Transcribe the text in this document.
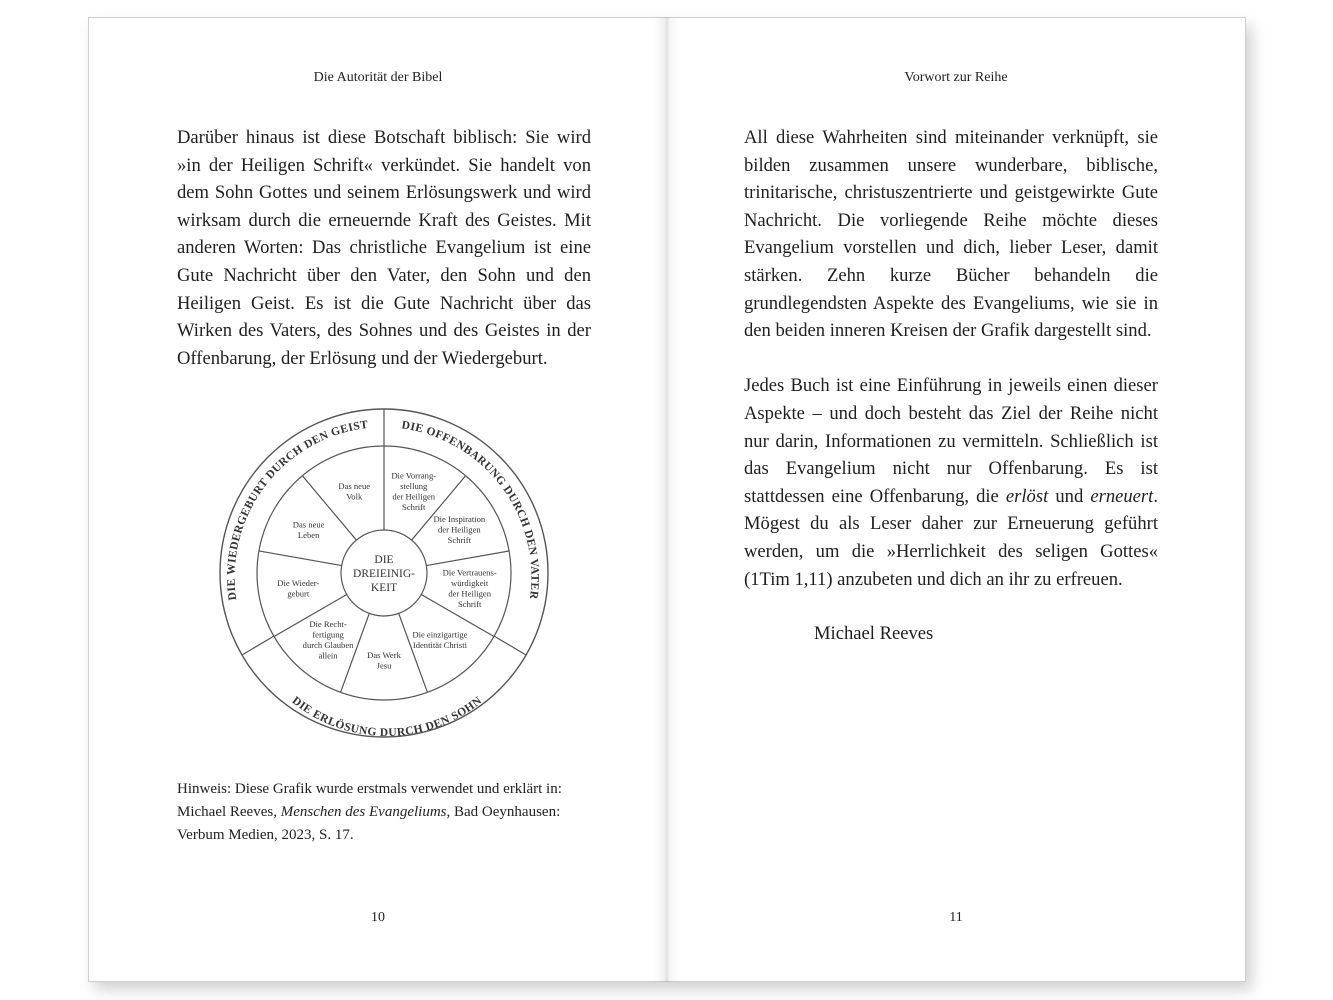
Die Autorität der Bibel

Darüber hinaus ist diese Botschaft biblisch: Sie wird »in der Heiligen Schrift« verkündet. Sie handelt von dem Sohn Gottes und seinem Erlösungswerk und wird wirksam durch die erneuernde Kraft des Geistes. Mit anderen Worten: Das christliche Evangelium ist eine Gute Nachricht über den Vater, den Sohn und den Heiligen Geist. Es ist die Gute Nachricht über das Wirken des Vaters, des Sohnes und des Geistes in der Offenbarung, der Erlösung und der Wiedergeburt.

Die Vorrang-stellung der Heiligen Schrift
Die Inspiration der Heiligen Schrift
Die Vertrauens-würdigkeit der Heiligen Schrift
Die einzigartige Identität Christi
Das Werk Jesu
Die Recht-fertigung durch Glauben allein
Die Wieder-geburt
Das neue Leben
Das neue Volk
DIE
DREIEINIG-
KEIT
DIE WIEDERGEBURT DURCH DEN GEIST	DIE OFFENBARUNG DURCH DEN VATER
DIE ERLÖSUNG DURCH DEN SOHN
Hinweis: Diese Grafik wurde erstmals verwendet und erklärt in:
Michael Reeves, Menschen des Evangeliums, Bad Oeynhausen:
Verbum Medien, 2023, S. 17.
10
Vorwort zur Reihe

All diese Wahrheiten sind miteinander verknüpft, sie bilden zusammen unsere wunderbare, biblische, trinitarische, christuszentrierte und geistgewirkte Gute Nachricht. Die vorliegende Reihe möchte dieses Evangelium vorstellen und dich, lieber Leser, damit stärken. Zehn kurze Bücher behandeln die grundlegendsten Aspekte des Evangeliums, wie sie in den beiden inneren Kreisen der Grafik dargestellt sind.

Jedes Buch ist eine Einführung in jeweils einen dieser Aspekte – und doch besteht das Ziel der Reihe nicht nur darin, Informationen zu vermitteln. Schließlich ist das Evangelium nicht nur Offenbarung. Es ist stattdessen eine Offenbarung, die erlöst und erneuert. Mögest du als Leser daher zur Erneuerung geführt werden, um die »Herrlichkeit des seligen Gottes« (1Tim 1,11) anzubeten und dich an ihr zu erfreuen.

Michael Reeves
11
